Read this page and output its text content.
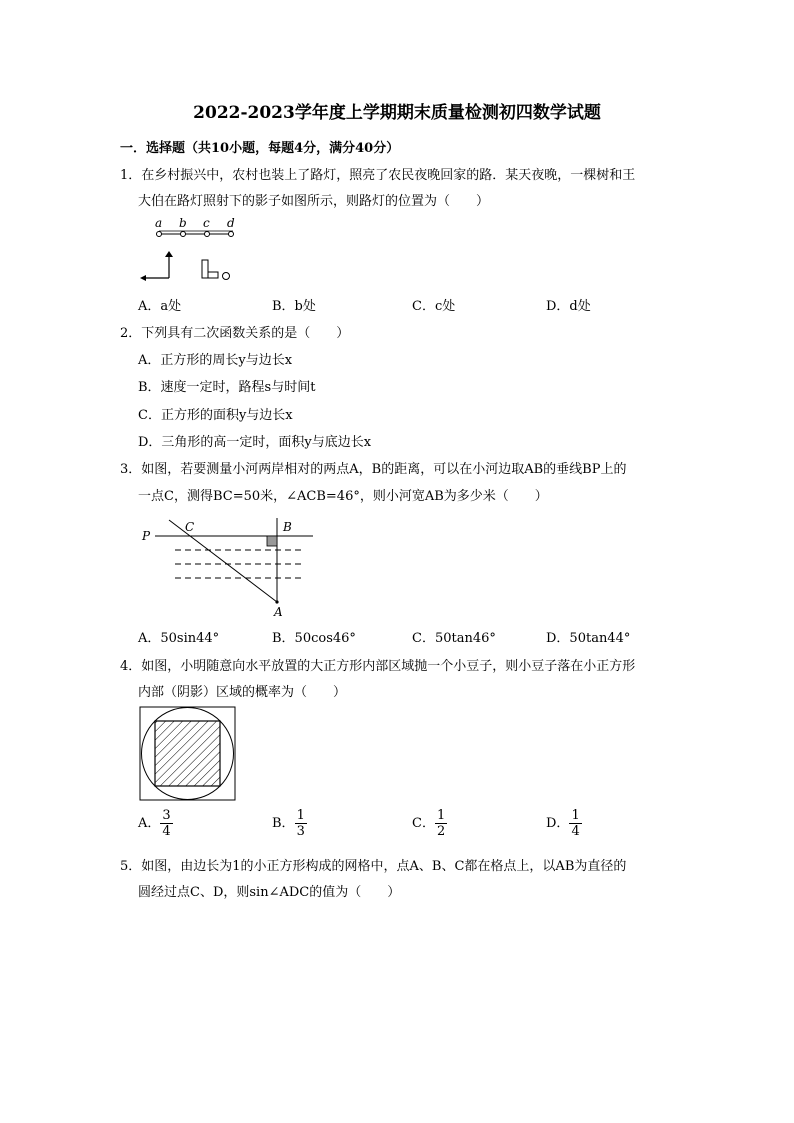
2022-2023学年度上学期期末质量检测初四数学试题
一．选择题（共10小题，每题4分，满分40分）
1．在乡村振兴中，农村也装上了路灯，照亮了农民夜晚回家的路．某天夜晚，一棵树和王
大伯在路灯照射下的影子如图所示，则路灯的位置为（　　）
a b c d
A．a处	B．b处	C．c处	D．d处
2．下列具有二次函数关系的是（　　）
A．正方形的周长y与边长x
B．速度一定时，路程s与时间t
C．正方形的面积y与边长x
D．三角形的高一定时，面积y与底边长x
3．如图，若要测量小河两岸相对的两点A，B的距离，可以在小河边取AB的垂线BP上的
一点C，测得BC=50米，∠ACB=46°，则小河宽AB为多少米（　　）
P
C	B
A
A．50sin44°	B．50cos46°	C．50tan46°	D．50tan44°
4．如图，小明随意向水平放置的大正方形内部区域抛一个小豆子，则小豆子落在小正方形
内部（阴影）区域的概率为（　　）
A． $\frac{3}{4}$	B． $\frac{1}{3}$	C． $\frac{1}{2}$	D． $\frac{1}{4}$
5．如图，由边长为1的小正方形构成的网格中，点A、B、C都在格点上，以AB为直径的
圆经过点C、D，则sin∠ADC的值为（　　）
